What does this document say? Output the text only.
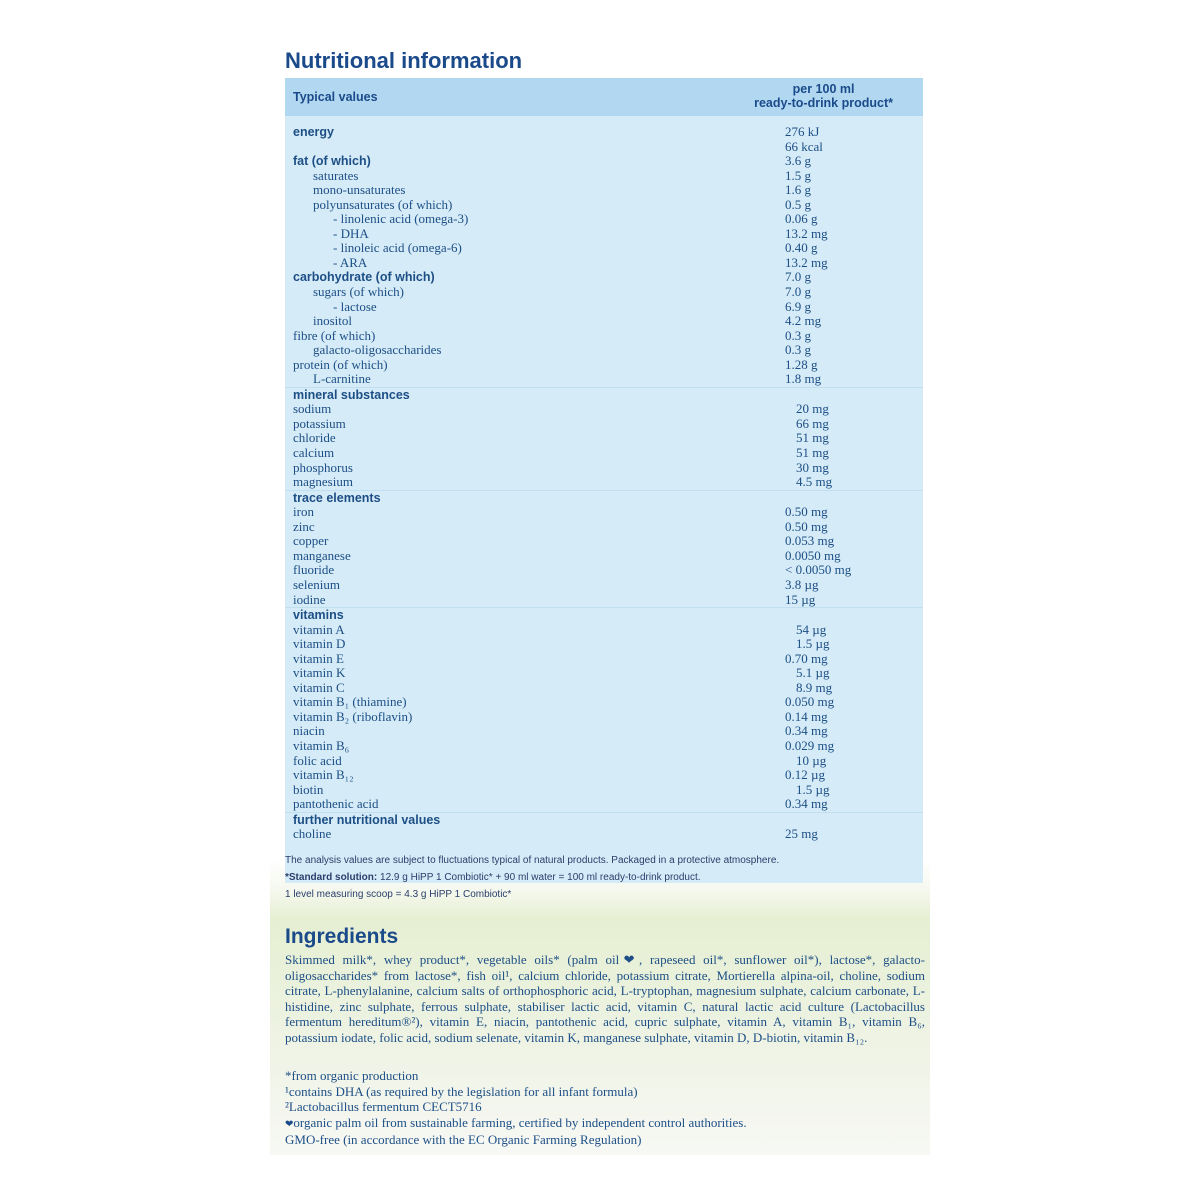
Nutritional information
Typical values
per 100 ml
ready-to-drink product*
energy	276 kJ
66 kcal
fat (of which)	3.6 g
saturates	1.5 g
mono-unsaturates	1.6 g
polyunsaturates (of which)	0.5 g
- linolenic acid (omega-3)	0.06 g
- DHA	13.2 mg
- linoleic acid (omega-6)	0.40 g
- ARA	13.2 mg
carbohydrate (of which)	7.0 g
sugars (of which)	7.0 g
- lactose	6.9 g
inositol	4.2 mg
fibre (of which)	0.3 g
galacto-oligosaccharides	0.3 g
protein (of which)	1.28 g
L-carnitine	1.8 mg
mineral substances
sodium	20 mg
potassium	66 mg
chloride	51 mg
calcium	51 mg
phosphorus	30 mg
magnesium	4.5 mg
trace elements
iron	0.50 mg
zinc	0.50 mg
copper	0.053 mg
manganese	0.0050 mg
fluoride	< 0.0050 mg
selenium	3.8 µg
iodine	15 µg
vitamins
vitamin A	54 µg
vitamin D	1.5 µg
vitamin E	0.70 mg
vitamin K	5.1 µg
vitamin C	8.9 mg
vitamin B₁ (thiamine)	0.050 mg
vitamin B₂ (riboflavin)	0.14 mg
niacin	0.34 mg
vitamin B₆	0.029 mg
folic acid	10 µg
vitamin B₁₂	0.12 µg
biotin	1.5 µg
pantothenic acid	0.34 mg
further nutritional values
choline	25 mg
The analysis values are subject to fluctuations typical of natural products. Packaged in a protective atmosphere.
*Standard solution: 12.9 g HiPP 1 Combiotic* + 90 ml water = 100 ml ready-to-drink product.
1 level measuring scoop = 4.3 g HiPP 1 Combiotic*
Ingredients
Skimmed milk*, whey product*, vegetable oils* (palm oil❤, rapeseed oil*, sunflower oil*), lactose*, galacto-oligosaccharides* from lactose*, fish oil¹, calcium chloride, potassium citrate, Mortierella alpina-oil, choline, sodium citrate, L-phenylalanine, calcium salts of orthophosphoric acid, L-tryptophan, magnesium sulphate, calcium carbonate, L-histidine, zinc sulphate, ferrous sulphate, stabiliser lactic acid, vitamin C, natural lactic acid culture (Lactobacillus fermentum hereditum®²), vitamin E, niacin, pantothenic acid, cupric sulphate, vitamin A, vitamin B₁, vitamin B₆, potassium iodate, folic acid, sodium selenate, vitamin K, manganese sulphate, vitamin D, D-biotin, vitamin B₁₂.
*from organic production
¹contains DHA (as required by the legislation for all infant formula)
²Lactobacillus fermentum CECT5716
❤organic palm oil from sustainable farming, certified by independent control authorities.
GMO-free (in accordance with the EC Organic Farming Regulation)
